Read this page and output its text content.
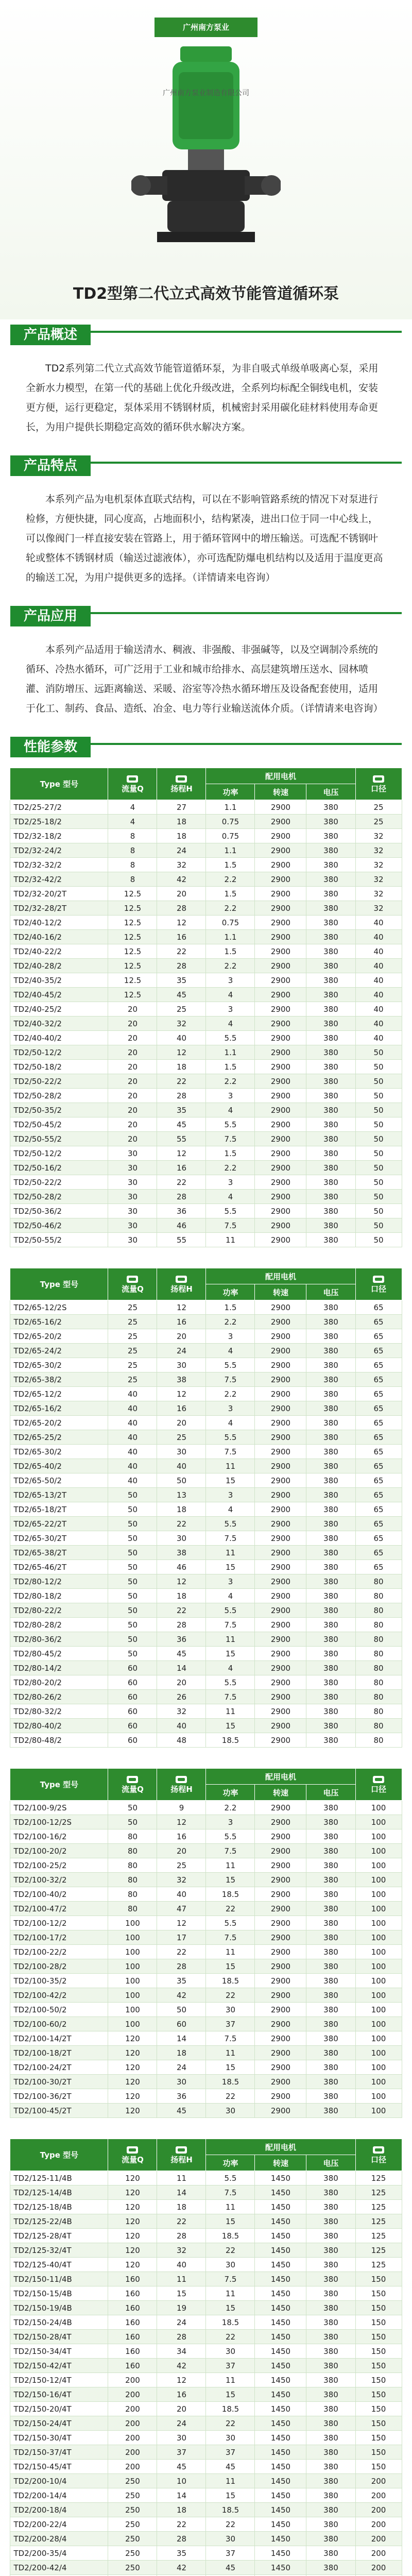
广州南方泵业
广州南方泵业制造有限公司
TD2型第二代立式高效节能管道循环泵
产品概述
TD2系列第二代立式高效节能管道循环泵，为非自吸式单级单吸离心泵，采用全新水力模型，在第一代的基础上优化升级改进，全系列均标配全铜线电机，安装更方便，运行更稳定，泵体采用不锈钢材质，机械密封采用碳化硅材料使用寿命更长，为用户提供长期稳定高效的循环供水解决方案。
产品特点
本系列产品为电机泵体直联式结构，可以在不影响管路系统的情况下对泵进行检修，方便快捷，同心度高，占地面积小，结构紧凑，进出口位于同一中心线上，可以像阀门一样直接安装在管路上，用于循环管网中的增压输送。可选配不锈钢叶轮或整体不锈钢材质（输送过滤液体），亦可选配防爆电机结构以及适用于温度更高的输送工况，为用户提供更多的选择。（详情请来电咨询）
产品应用
本系列产品适用于输送清水、稠液、非强酸、非强碱等，以及空调制冷系统的循环、冷热水循环，可广泛用于工业和城市给排水、高层建筑增压送水、园林喷灌、消防增压、远距离输送、采暖、浴室等冷热水循环增压及设备配套使用，适用于化工、制药、食品、造纸、冶金、电力等行业输送流体介质。（详情请来电咨询）
性能参数
Type 型号	流量Q	扬程H	配用电机			口径
			功率	转速	电压	
TD2/25-27/2	4	27	1.1	2900	380	25
TD2/25-18/2	4	18	0.75	2900	380	25
TD2/32-18/2	8	18	0.75	2900	380	32
TD2/32-24/2	8	24	1.1	2900	380	32
TD2/32-32/2	8	32	1.5	2900	380	32
TD2/32-42/2	8	42	2.2	2900	380	32
TD2/32-20/2T	12.5	20	1.5	2900	380	32
TD2/32-28/2T	12.5	28	2.2	2900	380	32
TD2/40-12/2	12.5	12	0.75	2900	380	40
TD2/40-16/2	12.5	16	1.1	2900	380	40
TD2/40-22/2	12.5	22	1.5	2900	380	40
TD2/40-28/2	12.5	28	2.2	2900	380	40
TD2/40-35/2	12.5	35	3	2900	380	40
TD2/40-45/2	12.5	45	4	2900	380	40
TD2/40-25/2	20	25	3	2900	380	40
TD2/40-32/2	20	32	4	2900	380	40
TD2/40-40/2	20	40	5.5	2900	380	40
TD2/50-12/2	20	12	1.1	2900	380	50
TD2/50-18/2	20	18	1.5	2900	380	50
TD2/50-22/2	20	22	2.2	2900	380	50
TD2/50-28/2	20	28	3	2900	380	50
TD2/50-35/2	20	35	4	2900	380	50
TD2/50-45/2	20	45	5.5	2900	380	50
TD2/50-55/2	20	55	7.5	2900	380	50
TD2/50-12/2	30	12	1.5	2900	380	50
TD2/50-16/2	30	16	2.2	2900	380	50
TD2/50-22/2	30	22	3	2900	380	50
TD2/50-28/2	30	28	4	2900	380	50
TD2/50-36/2	30	36	5.5	2900	380	50
TD2/50-46/2	30	46	7.5	2900	380	50
TD2/50-55/2	30	55	11	2900	380	50
Type 型号	流量Q	扬程H	配用电机			口径
			功率	转速	电压	
TD2/65-12/2S	25	12	1.5	2900	380	65
TD2/65-16/2	25	16	2.2	2900	380	65
TD2/65-20/2	25	20	3	2900	380	65
TD2/65-24/2	25	24	4	2900	380	65
TD2/65-30/2	25	30	5.5	2900	380	65
TD2/65-38/2	25	38	7.5	2900	380	65
TD2/65-12/2	40	12	2.2	2900	380	65
TD2/65-16/2	40	16	3	2900	380	65
TD2/65-20/2	40	20	4	2900	380	65
TD2/65-25/2	40	25	5.5	2900	380	65
TD2/65-30/2	40	30	7.5	2900	380	65
TD2/65-40/2	40	40	11	2900	380	65
TD2/65-50/2	40	50	15	2900	380	65
TD2/65-13/2T	50	13	3	2900	380	65
TD2/65-18/2T	50	18	4	2900	380	65
TD2/65-22/2T	50	22	5.5	2900	380	65
TD2/65-30/2T	50	30	7.5	2900	380	65
TD2/65-38/2T	50	38	11	2900	380	65
TD2/65-46/2T	50	46	15	2900	380	65
TD2/80-12/2	50	12	3	2900	380	80
TD2/80-18/2	50	18	4	2900	380	80
TD2/80-22/2	50	22	5.5	2900	380	80
TD2/80-28/2	50	28	7.5	2900	380	80
TD2/80-36/2	50	36	11	2900	380	80
TD2/80-45/2	50	45	15	2900	380	80
TD2/80-14/2	60	14	4	2900	380	80
TD2/80-20/2	60	20	5.5	2900	380	80
TD2/80-26/2	60	26	7.5	2900	380	80
TD2/80-32/2	60	32	11	2900	380	80
TD2/80-40/2	60	40	15	2900	380	80
TD2/80-48/2	60	48	18.5	2900	380	80
Type 型号	流量Q	扬程H	配用电机			口径
			功率	转速	电压	
TD2/100-9/2S	50	9	2.2	2900	380	100
TD2/100-12/2S	50	12	3	2900	380	100
TD2/100-16/2	80	16	5.5	2900	380	100
TD2/100-20/2	80	20	7.5	2900	380	100
TD2/100-25/2	80	25	11	2900	380	100
TD2/100-32/2	80	32	15	2900	380	100
TD2/100-40/2	80	40	18.5	2900	380	100
TD2/100-47/2	80	47	22	2900	380	100
TD2/100-12/2	100	12	5.5	2900	380	100
TD2/100-17/2	100	17	7.5	2900	380	100
TD2/100-22/2	100	22	11	2900	380	100
TD2/100-28/2	100	28	15	2900	380	100
TD2/100-35/2	100	35	18.5	2900	380	100
TD2/100-42/2	100	42	22	2900	380	100
TD2/100-50/2	100	50	30	2900	380	100
TD2/100-60/2	100	60	37	2900	380	100
TD2/100-14/2T	120	14	7.5	2900	380	100
TD2/100-18/2T	120	18	11	2900	380	100
TD2/100-24/2T	120	24	15	2900	380	100
TD2/100-30/2T	120	30	18.5	2900	380	100
TD2/100-36/2T	120	36	22	2900	380	100
TD2/100-45/2T	120	45	30	2900	380	100
Type 型号	流量Q	扬程H	配用电机			口径
			功率	转速	电压	
TD2/125-11/4B	120	11	5.5	1450	380	125
TD2/125-14/4B	120	14	7.5	1450	380	125
TD2/125-18/4B	120	18	11	1450	380	125
TD2/125-22/4B	120	22	15	1450	380	125
TD2/125-28/4T	120	28	18.5	1450	380	125
TD2/125-32/4T	120	32	22	1450	380	125
TD2/125-40/4T	120	40	30	1450	380	125
TD2/150-11/4B	160	11	7.5	1450	380	150
TD2/150-15/4B	160	15	11	1450	380	150
TD2/150-19/4B	160	19	15	1450	380	150
TD2/150-24/4B	160	24	18.5	1450	380	150
TD2/150-28/4T	160	28	22	1450	380	150
TD2/150-34/4T	160	34	30	1450	380	150
TD2/150-42/4T	160	42	37	1450	380	150
TD2/150-12/4T	200	12	11	1450	380	150
TD2/150-16/4T	200	16	15	1450	380	150
TD2/150-20/4T	200	20	18.5	1450	380	150
TD2/150-24/4T	200	24	22	1450	380	150
TD2/150-30/4T	200	30	30	1450	380	150
TD2/150-37/4T	200	37	37	1450	380	150
TD2/150-45/4T	200	45	45	1450	380	150
TD2/200-10/4	250	10	11	1450	380	200
TD2/200-14/4	250	14	15	1450	380	200
TD2/200-18/4	250	18	18.5	1450	380	200
TD2/200-22/4	250	22	22	1450	380	200
TD2/200-28/4	250	28	30	1450	380	200
TD2/200-35/4	250	35	37	1450	380	200
TD2/200-42/4	250	42	45	1450	380	200
